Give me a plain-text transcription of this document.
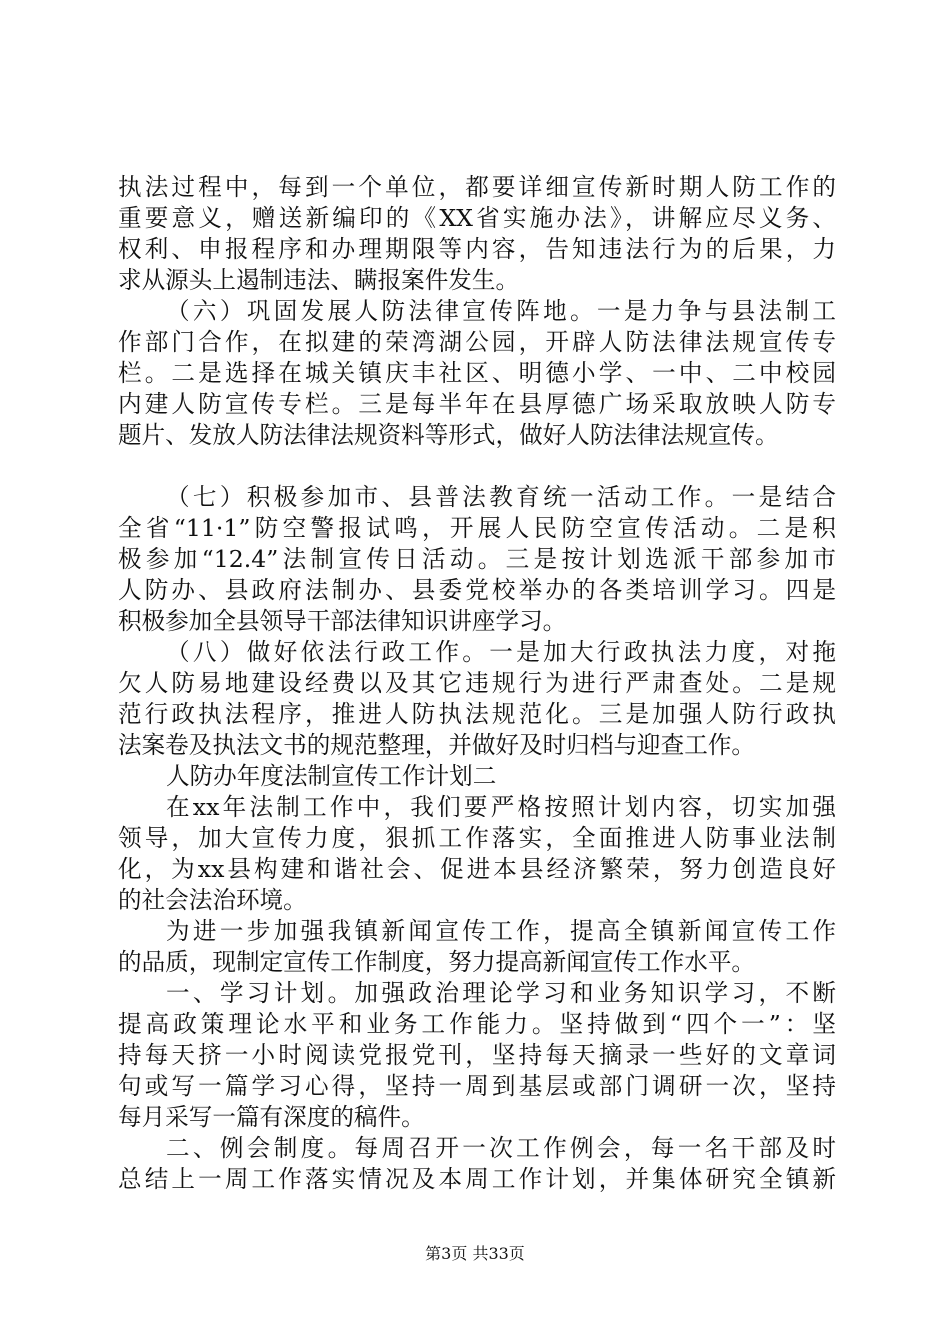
执法过程中，每到一个单位，都要详细宣传新时期人防工作的
重要意义，赠送新编印的《XX省实施办法》，讲解应尽义务、
权利、申报程序和办理期限等内容，告知违法行为的后果，力
求从源头上遏制违法、瞒报案件发生。
（六）巩固发展人防法律宣传阵地。一是力争与县法制工
作部门合作，在拟建的荣湾湖公园，开辟人防法律法规宣传专
栏。二是选择在城关镇庆丰社区、明德小学、一中、二中校园
内建人防宣传专栏。三是每半年在县厚德广场采取放映人防专
题片、发放人防法律法规资料等形式，做好人防法律法规宣传。
（七）积极参加市、县普法教育统一活动工作。一是结合
全省“11·1”防空警报试鸣，开展人民防空宣传活动。二是积
极参加“12.4”法制宣传日活动。三是按计划选派干部参加市
人防办、县政府法制办、县委党校举办的各类培训学习。四是
积极参加全县领导干部法律知识讲座学习。
（八）做好依法行政工作。一是加大行政执法力度，对拖
欠人防易地建设经费以及其它违规行为进行严肃查处。二是规
范行政执法程序，推进人防执法规范化。三是加强人防行政执
法案卷及执法文书的规范整理，并做好及时归档与迎查工作。
人防办年度法制宣传工作计划二
在xx年法制工作中，我们要严格按照计划内容，切实加强
领导，加大宣传力度，狠抓工作落实，全面推进人防事业法制
化，为xx县构建和谐社会、促进本县经济繁荣，努力创造良好
的社会法治环境。
为进一步加强我镇新闻宣传工作，提高全镇新闻宣传工作
的品质，现制定宣传工作制度，努力提高新闻宣传工作水平。
一、学习计划。加强政治理论学习和业务知识学习，不断
提高政策理论水平和业务工作能力。坚持做到“四个一”：坚
持每天挤一小时阅读党报党刊，坚持每天摘录一些好的文章词
句或写一篇学习心得，坚持一周到基层或部门调研一次，坚持
每月采写一篇有深度的稿件。
二、例会制度。每周召开一次工作例会，每一名干部及时
总结上一周工作落实情况及本周工作计划，并集体研究全镇新
第3页 共33页
